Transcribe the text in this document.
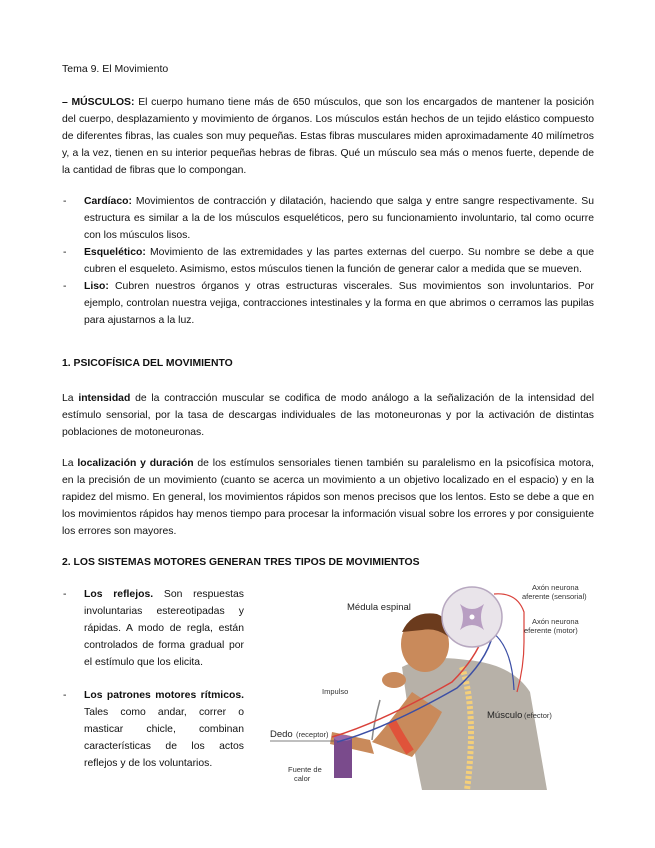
Tema 9. El Movimiento
– MÚSCULOS: El cuerpo humano tiene más de 650 músculos, que son los encargados de mantener la posición del cuerpo, desplazamiento y movimiento de órganos. Los músculos están hechos de un tejido elástico compuesto de diferentes fibras, las cuales son muy pequeñas. Estas fibras musculares miden aproximadamente 40 milímetros y, a la vez, tienen en su interior pequeñas hebras de fibras. Qué un músculo sea más o menos fuerte, depende de la cantidad de fibras que lo compongan.
- Cardíaco: Movimientos de contracción y dilatación, haciendo que salga y entre sangre respectivamente. Su estructura es similar a la de los músculos esqueléticos, pero su funcionamiento involuntario, tal como ocurre con los músculos lisos.
- Esquelético: Movimiento de las extremidades y las partes externas del cuerpo. Su nombre se debe a que cubren el esqueleto. Asimismo, estos músculos tienen la función de generar calor a medida que se mueven.
- Liso: Cubren nuestros órganos y otras estructuras viscerales. Sus movimientos son involuntarios. Por ejemplo, controlan nuestra vejiga, contracciones intestinales y la forma en que abrimos o cerramos las pupilas para ajustarnos a la luz.
1. PSICOFÍSICA DEL MOVIMIENTO
La intensidad de la contracción muscular se codifica de modo análogo a la señalización de la intensidad del estímulo sensorial, por la tasa de descargas individuales de las motoneuronas y por la activación de distintas poblaciones de motoneuronas.
La localización y duración de los estímulos sensoriales tienen también su paralelismo en la psicofísica motora, en la precisión de un movimiento (cuanto se acerca un movimiento a un objetivo localizado en el espacio) y en la rapidez del mismo. En general, los movimientos rápidos son menos precisos que los lentos. Esto se debe a que en los movimientos rápidos hay menos tiempo para procesar la información visual sobre los errores y por consiguiente los errores son mayores.
2. LOS SISTEMAS MOTORES GENERAN TRES TIPOS DE MOVIMIENTOS
- Los reflejos. Son respuestas involuntarias estereotipadas y rápidas. A modo de regla, están controlados de forma gradual por el estímulo que los elicita.
- Los patrones motores rítmicos. Tales como andar, correr o masticar chicle, combinan características de los actos reflejos y de los voluntarios.
Médula espinal
Axón neurona
aferente (sensorial)
Axón neurona
eferente (motor)
Impulso
Músculo (efector)
Dedo (receptor)
Fuente de
calor
